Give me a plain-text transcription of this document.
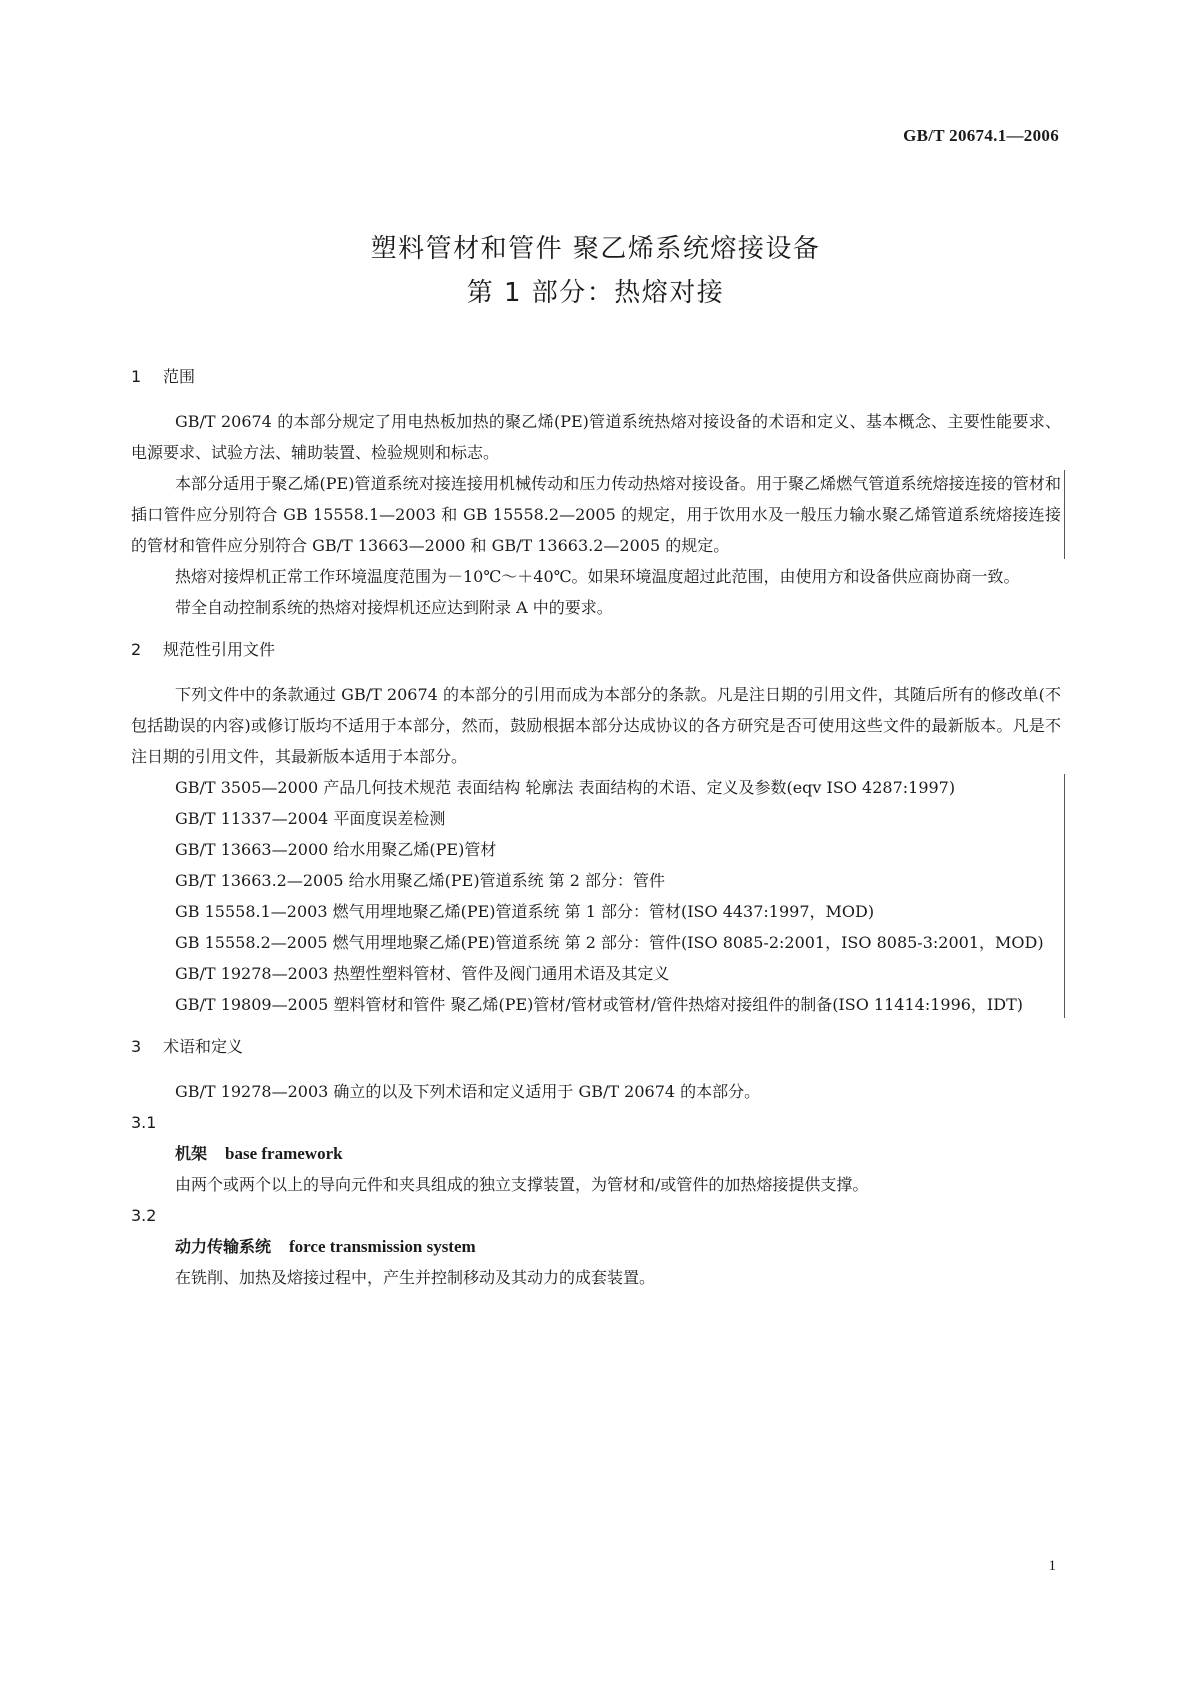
GB/T 20674.1—2006
塑料管材和管件 聚乙烯系统熔接设备
第 1 部分：热熔对接
1 范围

GB/T 20674 的本部分规定了用电热板加热的聚乙烯(PE)管道系统热熔对接设备的术语和定义、基本概念、主要性能要求、电源要求、试验方法、辅助装置、检验规则和标志。

本部分适用于聚乙烯(PE)管道系统对接连接用机械传动和压力传动热熔对接设备。用于聚乙烯燃气管道系统熔接连接的管材和插口管件应分别符合 GB 15558.1—2003 和 GB 15558.2—2005 的规定，用于饮用水及一般压力输水聚乙烯管道系统熔接连接的管材和管件应分别符合 GB/T 13663—2000 和 GB/T 13663.2—2005 的规定。

热熔对接焊机正常工作环境温度范围为－10℃～＋40℃。如果环境温度超过此范围，由使用方和设备供应商协商一致。

带全自动控制系统的热熔对接焊机还应达到附录 A 中的要求。

2 规范性引用文件

下列文件中的条款通过 GB/T 20674 的本部分的引用而成为本部分的条款。凡是注日期的引用文件，其随后所有的修改单(不包括勘误的内容)或修订版均不适用于本部分，然而，鼓励根据本部分达成协议的各方研究是否可使用这些文件的最新版本。凡是不注日期的引用文件，其最新版本适用于本部分。

GB/T 3505—2000 产品几何技术规范 表面结构 轮廓法 表面结构的术语、定义及参数(eqv ISO 4287:1997)

GB/T 11337—2004 平面度误差检测

GB/T 13663—2000 给水用聚乙烯(PE)管材

GB/T 13663.2—2005 给水用聚乙烯(PE)管道系统 第 2 部分：管件

GB 15558.1—2003 燃气用埋地聚乙烯(PE)管道系统 第 1 部分：管材(ISO 4437:1997，MOD)

GB 15558.2—2005 燃气用埋地聚乙烯(PE)管道系统 第 2 部分：管件(ISO 8085-2:2001，ISO 8085-3:2001，MOD)

GB/T 19278—2003 热塑性塑料管材、管件及阀门通用术语及其定义

GB/T 19809—2005 塑料管材和管件 聚乙烯(PE)管材/管材或管材/管件热熔对接组件的制备(ISO 11414:1996，IDT)

3 术语和定义

GB/T 19278—2003 确立的以及下列术语和定义适用于 GB/T 20674 的本部分。

3.1
机架 base framework

由两个或两个以上的导向元件和夹具组成的独立支撑装置，为管材和/或管件的加热熔接提供支撑。

3.2
动力传输系统 force transmission system

在铣削、加热及熔接过程中，产生并控制移动及其动力的成套装置。

1
